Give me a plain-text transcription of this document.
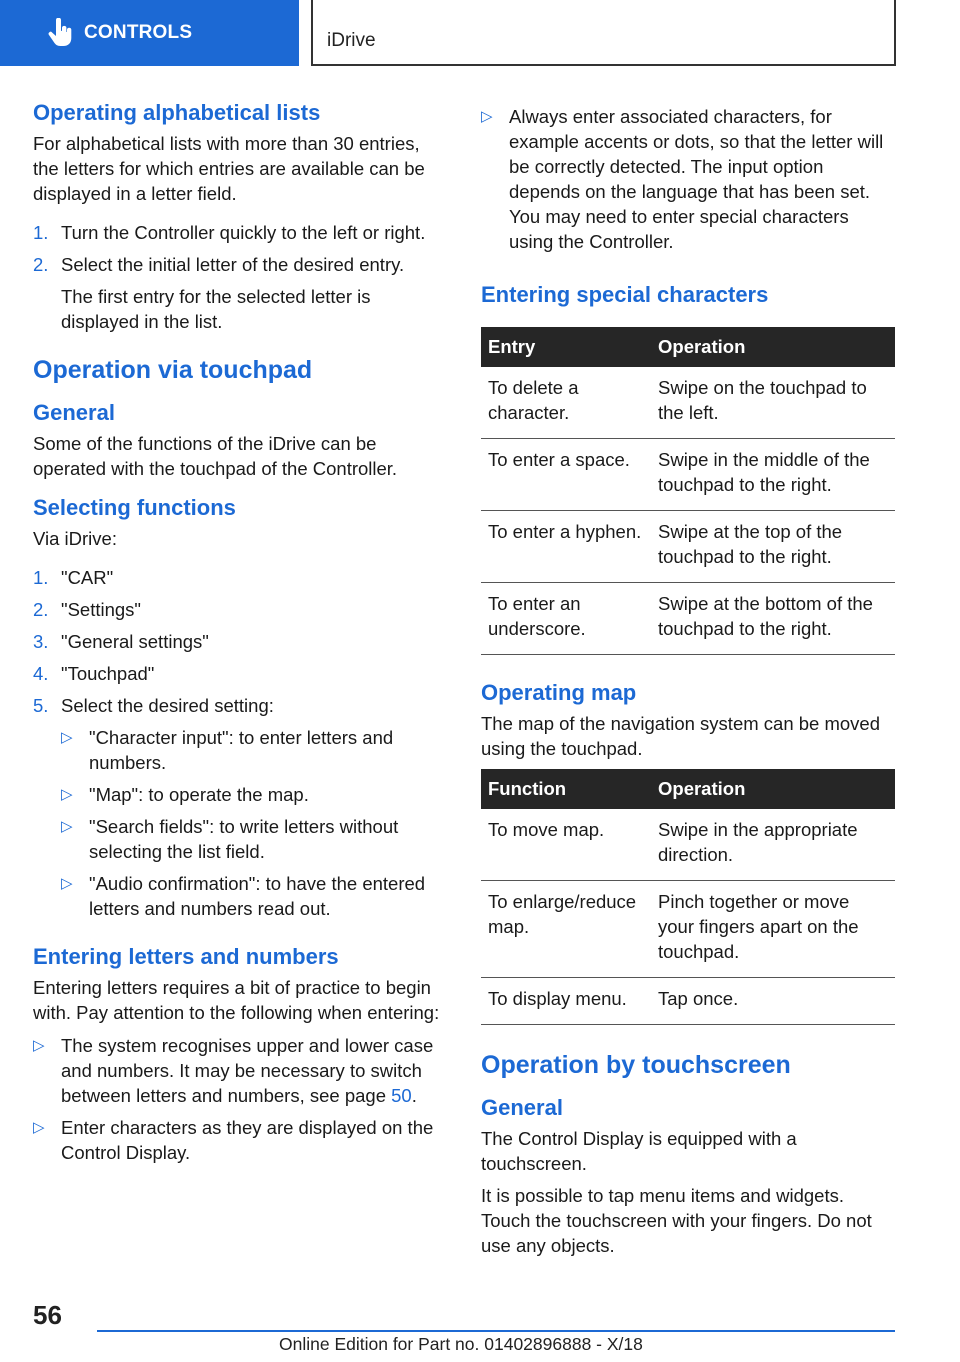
CONTROLS	iDrive
Operating alphabetical lists

For alphabetical lists with more than 30 entries, the letters for which entries are available can be displayed in a letter field.

1. Turn the Controller quickly to the left or right.
2. Select the initial letter of the desired entry.

The first entry for the selected letter is displayed in the list.

Operation via touchpad
General

Some of the functions of the iDrive can be operated with the touchpad of the Controller.

Selecting functions

Via iDrive:

1. "CAR"
2. "Settings"
3. "General settings"
4. "Touchpad"
5. Select the desired setting:
▷ "Character input": to enter letters and numbers.
▷ "Map": to operate the map.
▷ "Search fields": to write letters without selecting the list field.
▷ "Audio confirmation": to have the entered letters and numbers read out.
Entering letters and numbers

Entering letters requires a bit of practice to begin with. Pay attention to the following when entering:

▷ The system recognises upper and lower case and numbers. It may be necessary to switch between letters and numbers, see page 50.
▷ Enter characters as they are displayed on the Control Display.
▷ Always enter associated characters, for example accents or dots, so that the letter will be correctly detected. The input option depends on the language that has been set. You may need to enter special characters using the Controller.
Entering special characters
Entry	Operation
To delete a character.	Swipe on the touchpad to the left.
To enter a space.	Swipe in the middle of the touchpad to the right.
To enter a hyphen.	Swipe at the top of the touchpad to the right.
To enter an underscore.	Swipe at the bottom of the touchpad to the right.
Operating map

The map of the navigation system can be moved using the touchpad.

Function	Operation
To move map.	Swipe in the appropriate direction.
To enlarge/reduce map.	Pinch together or move your fingers apart on the touchpad.
To display menu.	Tap once.
Operation by touchscreen
General

The Control Display is equipped with a touchscreen.

It is possible to tap menu items and widgets. Touch the touchscreen with your fingers. Do not use any objects.

56
Online Edition for Part no. 01402896888 - X/18
